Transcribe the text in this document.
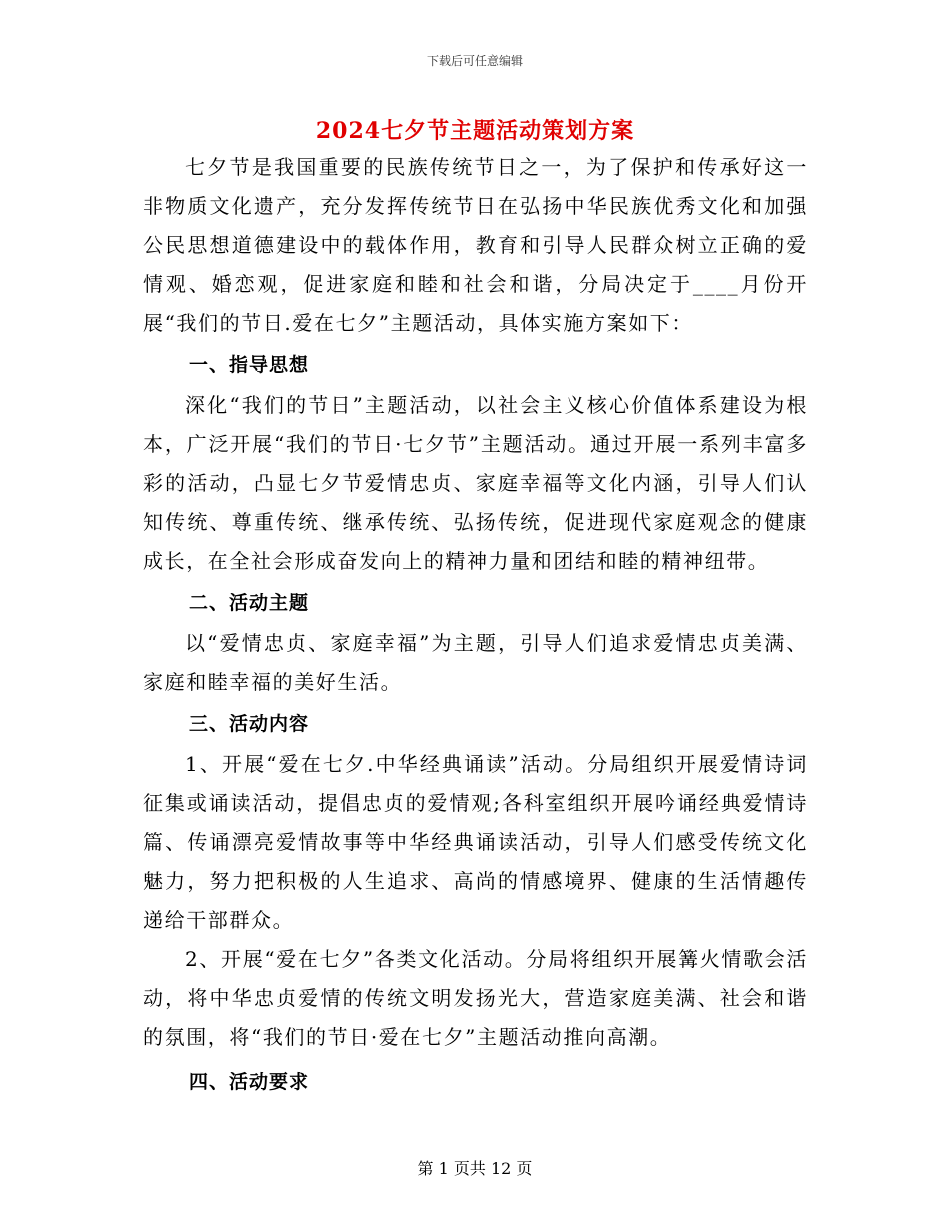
下载后可任意编辑
2024七夕节主题活动策划方案

七夕节是我国重要的民族传统节日之一，为了保护和传承好这一非物质文化遗产，充分发挥传统节日在弘扬中华民族优秀文化和加强公民思想道德建设中的载体作用，教育和引导人民群众树立正确的爱情观、婚恋观，促进家庭和睦和社会和谐，分局决定于____月份开展“我们的节日.爱在七夕”主题活动，具体实施方案如下：

一、指导思想

深化“我们的节日”主题活动，以社会主义核心价值体系建设为根本，广泛开展“我们的节日·七夕节”主题活动。通过开展一系列丰富多彩的活动，凸显七夕节爱情忠贞、家庭幸福等文化内涵，引导人们认知传统、尊重传统、继承传统、弘扬传统，促进现代家庭观念的健康成长，在全社会形成奋发向上的精神力量和团结和睦的精神纽带。

二、活动主题

以“爱情忠贞、家庭幸福”为主题，引导人们追求爱情忠贞美满、家庭和睦幸福的美好生活。

三、活动内容

1、开展“爱在七夕.中华经典诵读”活动。分局组织开展爱情诗词征集或诵读活动，提倡忠贞的爱情观;各科室组织开展吟诵经典爱情诗篇、传诵漂亮爱情故事等中华经典诵读活动，引导人们感受传统文化魅力，努力把积极的人生追求、高尚的情感境界、健康的生活情趣传递给干部群众。

2、开展“爱在七夕”各类文化活动。分局将组织开展篝火情歌会活动，将中华忠贞爱情的传统文明发扬光大，营造家庭美满、社会和谐的氛围，将“我们的节日·爱在七夕”主题活动推向高潮。

四、活动要求

第 1 页共 12 页
